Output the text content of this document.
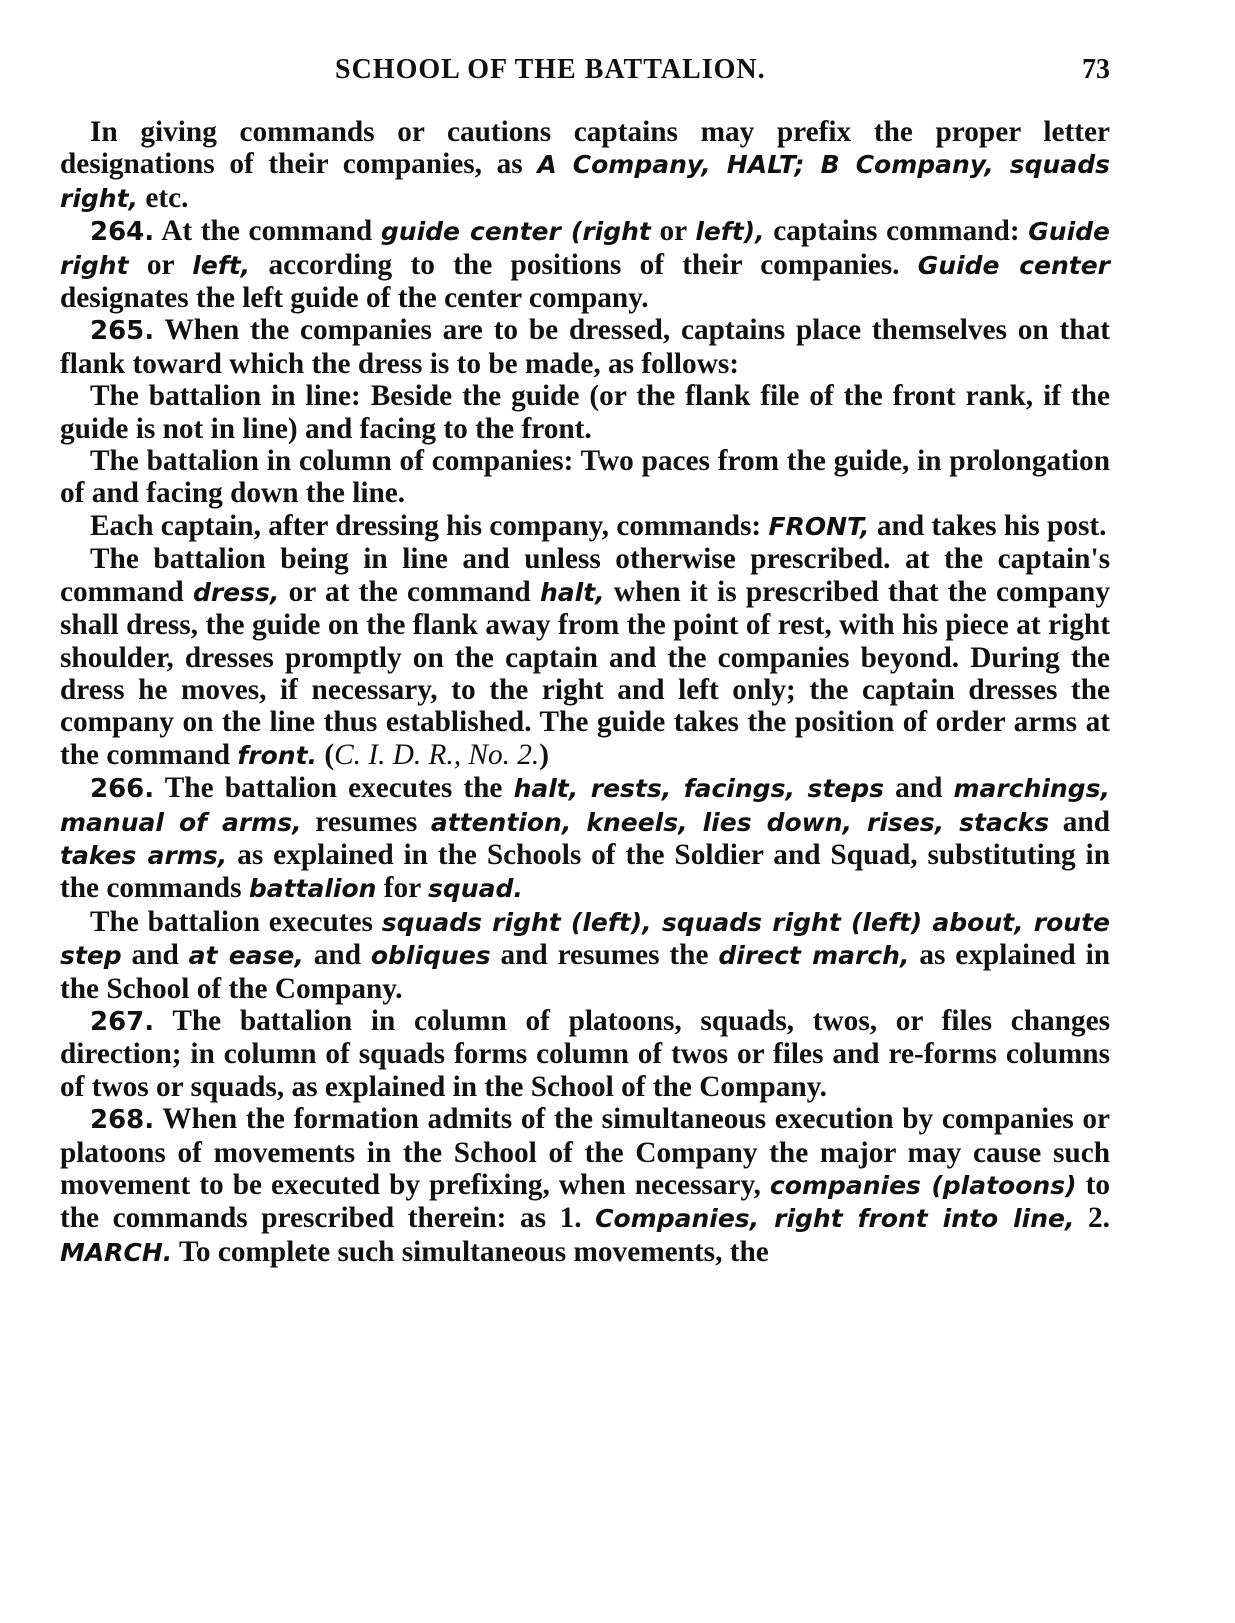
SCHOOL OF THE BATTALION.	73

In giving commands or cautions captains may prefix the proper letter designations of their companies, as A Company, HALT; B Company, squads right, etc.

264. At the command guide center (right or left), captains command: Guide right or left, according to the positions of their companies. Guide center designates the left guide of the center company.

265. When the companies are to be dressed, captains place themselves on that flank toward which the dress is to be made, as follows:

The battalion in line: Beside the guide (or the flank file of the front rank, if the guide is not in line) and facing to the front.

The battalion in column of companies: Two paces from the guide, in prolongation of and facing down the line.

Each captain, after dressing his company, commands: FRONT, and takes his post.

The battalion being in line and unless otherwise prescribed. at the captain's command dress, or at the command halt, when it is prescribed that the company shall dress, the guide on the flank away from the point of rest, with his piece at right shoulder, dresses promptly on the captain and the companies beyond. During the dress he moves, if necessary, to the right and left only; the captain dresses the company on the line thus established. The guide takes the position of order arms at the command front. (C. I. D. R., No. 2.)

266. The battalion executes the halt, rests, facings, steps and marchings, manual of arms, resumes attention, kneels, lies down, rises, stacks and takes arms, as explained in the Schools of the Soldier and Squad, substituting in the commands battalion for squad.

The battalion executes squads right (left), squads right (left) about, route step and at ease, and obliques and resumes the direct march, as explained in the School of the Company.

267. The battalion in column of platoons, squads, twos, or files changes direction; in column of squads forms column of twos or files and re-forms columns of twos or squads, as explained in the School of the Company.

268. When the formation admits of the simultaneous execution by companies or platoons of movements in the School of the Company the major may cause such movement to be executed by prefixing, when necessary, companies (platoons) to the commands prescribed therein: as 1. Companies, right front into line, 2. MARCH. To complete such simultaneous movements, the
